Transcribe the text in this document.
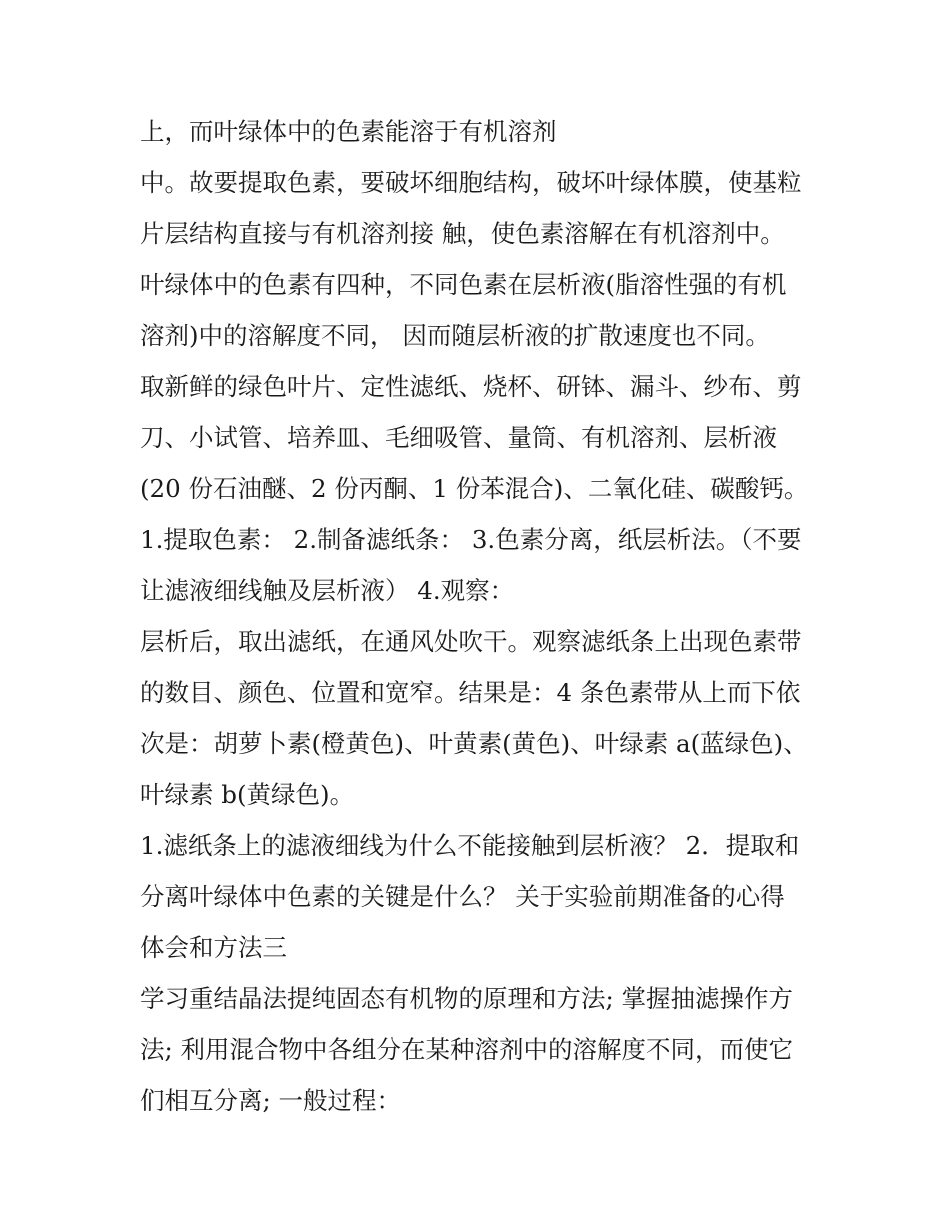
上，而叶绿体中的色素能溶于有机溶剂
中。故要提取色素，要破坏细胞结构，破坏叶绿体膜，使基粒
片层结构直接与有机溶剂接 触，使色素溶解在有机溶剂中。
叶绿体中的色素有四种，不同色素在层析液(脂溶性强的有机
溶剂)中的溶解度不同， 因而随层析液的扩散速度也不同。
取新鲜的绿色叶片、定性滤纸、烧杯、研钵、漏斗、纱布、剪
刀、小试管、培养皿、毛细吸管、量筒、有机溶剂、层析液
(20 份石油醚、2 份丙酮、1 份苯混合)、二氧化硅、碳酸钙。
1.提取色素： 2.制备滤纸条： 3.色素分离，纸层析法。（不要
让滤液细线触及层析液） 4.观察：
层析后，取出滤纸，在通风处吹干。观察滤纸条上出现色素带
的数目、颜色、位置和宽窄。结果是：4 条色素带从上而下依
次是：胡萝卜素(橙黄色)、叶黄素(黄色)、叶绿素 a(蓝绿色)、
叶绿素 b(黄绿色)。
1.滤纸条上的滤液细线为什么不能接触到层析液？ 2．提取和
分离叶绿体中色素的关键是什么？ 关于实验前期准备的心得
体会和方法三
学习重结晶法提纯固态有机物的原理和方法; 掌握抽滤操作方
法; 利用混合物中各组分在某种溶剂中的溶解度不同，而使它
们相互分离; 一般过程：
